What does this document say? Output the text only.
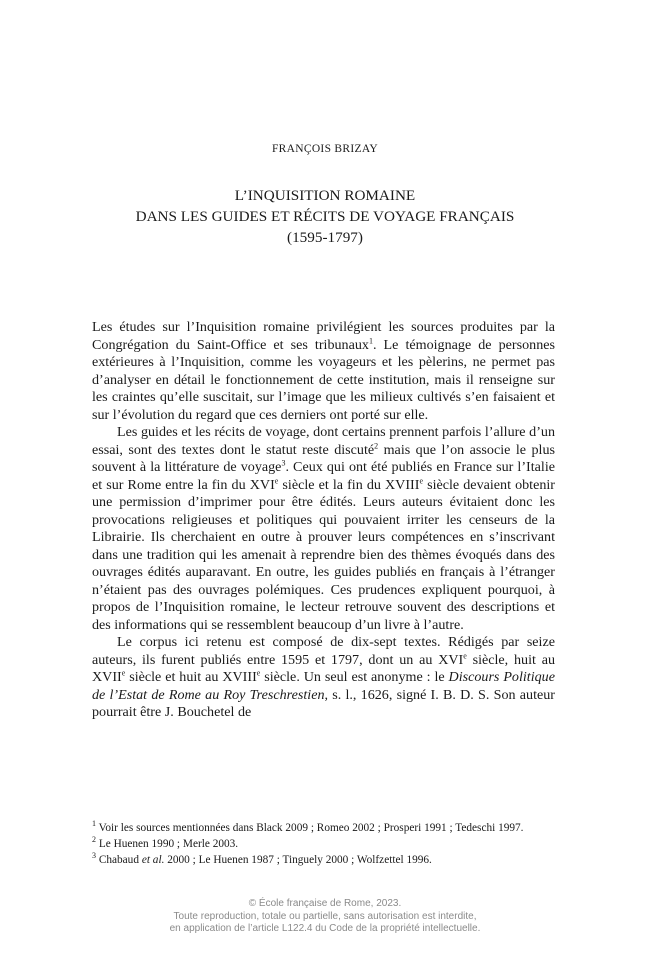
FRANÇOIS BRIZAY
L’INQUISITION ROMAINE
DANS LES GUIDES ET RÉCITS DE VOYAGE FRANÇAIS
(1595-1797)

Les études sur l’Inquisition romaine privilégient les sources produites par la Congrégation du Saint-Office et ses tribunaux$^1$. Le témoignage de personnes extérieures à l’Inquisition, comme les voyageurs et les pèlerins, ne permet pas d’analyser en détail le fonctionnement de cette institution, mais il renseigne sur les craintes qu’elle suscitait, sur l’image que les milieux cultivés s’en faisaient et sur l’évolution du regard que ces derniers ont porté sur elle.

Les guides et les récits de voyage, dont certains prennent parfois l’allure d’un essai, sont des textes dont le statut reste discuté$^2$ mais que l’on associe le plus souvent à la littérature de voyage$^3$. Ceux qui ont été publiés en France sur l’Italie et sur Rome entre la fin du XVIe siècle et la fin du XVIIIe siècle devaient obtenir une permission d’imprimer pour être édités. Leurs auteurs évitaient donc les provocations religieuses et politiques qui pouvaient irriter les censeurs de la Librairie. Ils cherchaient en outre à prouver leurs compétences en s’inscrivant dans une tradition qui les amenait à reprendre bien des thèmes évoqués dans des ouvrages édités auparavant. En outre, les guides publiés en français à l’étranger n’étaient pas des ouvrages polémiques. Ces prudences expliquent pourquoi, à propos de l’Inquisition romaine, le lecteur retrouve souvent des descriptions et des informations qui se ressemblent beaucoup d’un livre à l’autre.

Le corpus ici retenu est composé de dix-sept textes. Rédigés par seize auteurs, ils furent publiés entre 1595 et 1797, dont un au XVIe siècle, huit au XVIIe siècle et huit au XVIIIe siècle. Un seul est anonyme : le Discours Politique de l’Estat de Rome au Roy Treschrestien, s. l., 1626, signé I. B. D. S. Son auteur pourrait être J. Bouchetel de

$^1$ Voir les sources mentionnées dans Black 2009 ; Romeo 2002 ; Prosperi 1991 ; Tedeschi 1997.

$^2$ Le Huenen 1990 ; Merle 2003.

$^3$ Chabaud et al. 2000 ; Le Huenen 1987 ; Tinguely 2000 ; Wolfzettel 1996.

© École française de Rome, 2023.
Toute reproduction, totale ou partielle, sans autorisation est interdite,
en application de l’article L122.4 du Code de la propriété intellectuelle.
